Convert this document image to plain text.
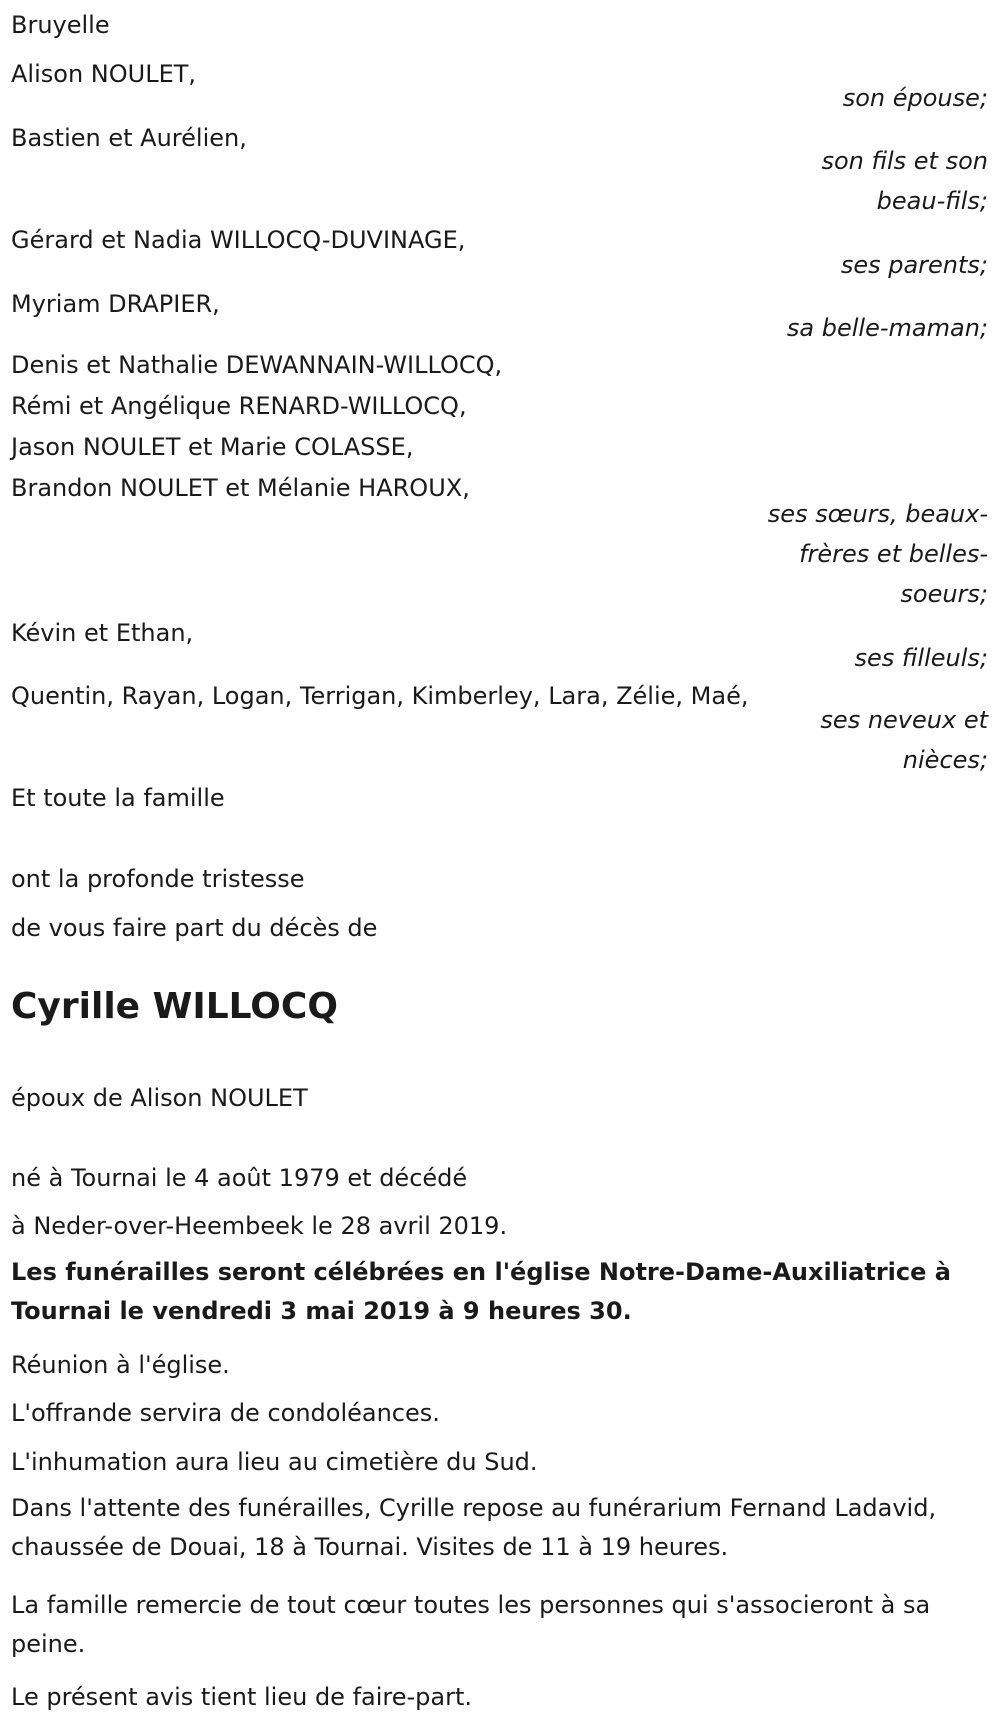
Bruyelle

Alison NOULET,

son épouse;

Bastien et Aurélien,

son fils et son beau-fils;

Gérard et Nadia WILLOCQ-DUVINAGE,

ses parents;

Myriam DRAPIER,

sa belle-maman;

Denis et Nathalie DEWANNAIN-WILLOCQ,

Rémi et Angélique RENARD-WILLOCQ,

Jason NOULET et Marie COLASSE,

Brandon NOULET et Mélanie HAROUX,

ses sœurs, beaux-frères et belles-soeurs;

Kévin et Ethan,

ses filleuls;

Quentin, Rayan, Logan, Terrigan, Kimberley, Lara, Zélie, Maé,

ses neveux et nièces;

Et toute la famille

ont la profonde tristesse

de vous faire part du décès de

Cyrille WILLOCQ

époux de Alison NOULET

né à Tournai le 4 août 1979 et décédé

à Neder-over-Heembeek le 28 avril 2019.

Les funérailles seront célébrées en l'église Notre-Dame-Auxiliatrice à Tournai le vendredi 3 mai 2019 à 9 heures 30.

Réunion à l'église.

L'offrande servira de condoléances.

L'inhumation aura lieu au cimetière du Sud.

Dans l'attente des funérailles, Cyrille repose au funérarium Fernand Ladavid, chaussée de Douai, 18 à Tournai. Visites de 11 à 19 heures.

La famille remercie de tout cœur toutes les personnes qui s'associeront à sa peine.

Le présent avis tient lieu de faire-part.
